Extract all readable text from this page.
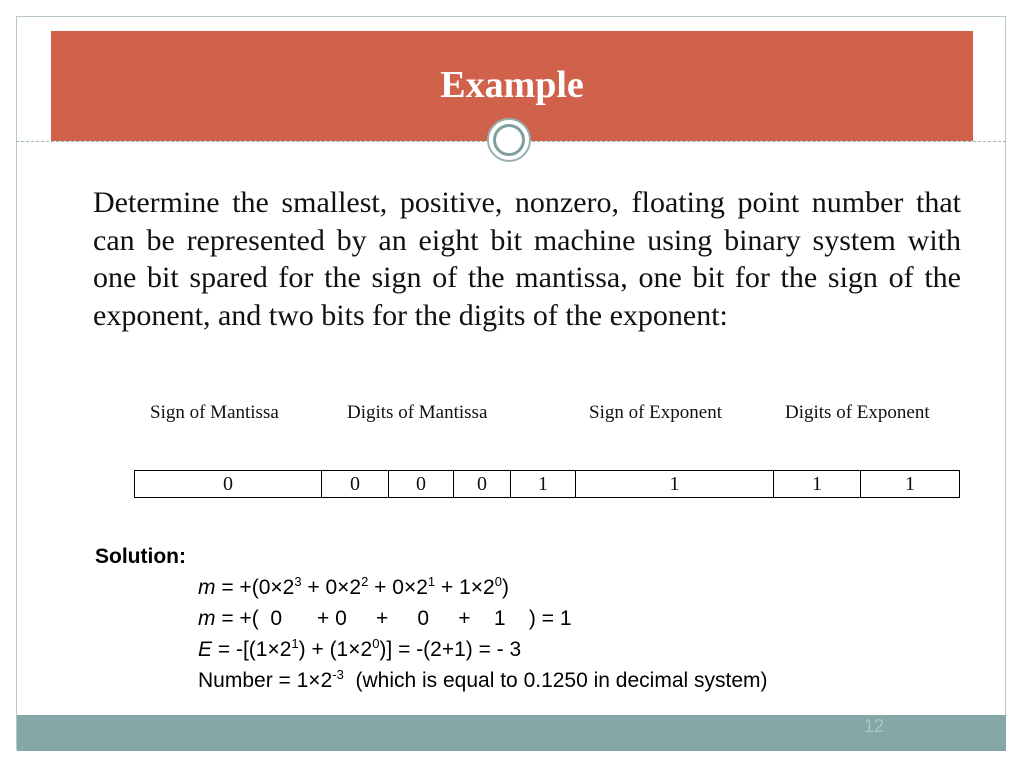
Example

Determine the smallest, positive, nonzero, floating point number that can be represented by an eight bit machine using binary system with one bit spared for the sign of the mantissa, one bit for the sign of the exponent, and two bits for the digits of the exponent:

Sign of Mantissa	Digits of Mantissa	Sign of Exponent	Digits of Exponent
0	0	0	0	1	1	1	1
Solution:
$m = +(0\times 2^3 + 0\times 2^2 + 0\times 2^1 + 1\times 2^0)$
m = +(  0      + 0     +     0     +    1    ) = 1
$E = -[(1\times 2^1) + (1\times 2^0)] = -(2+1)$ = - 3
Number = $1\times 2^{-3}$  (which is equal to 0.1250 in decimal system)
12
